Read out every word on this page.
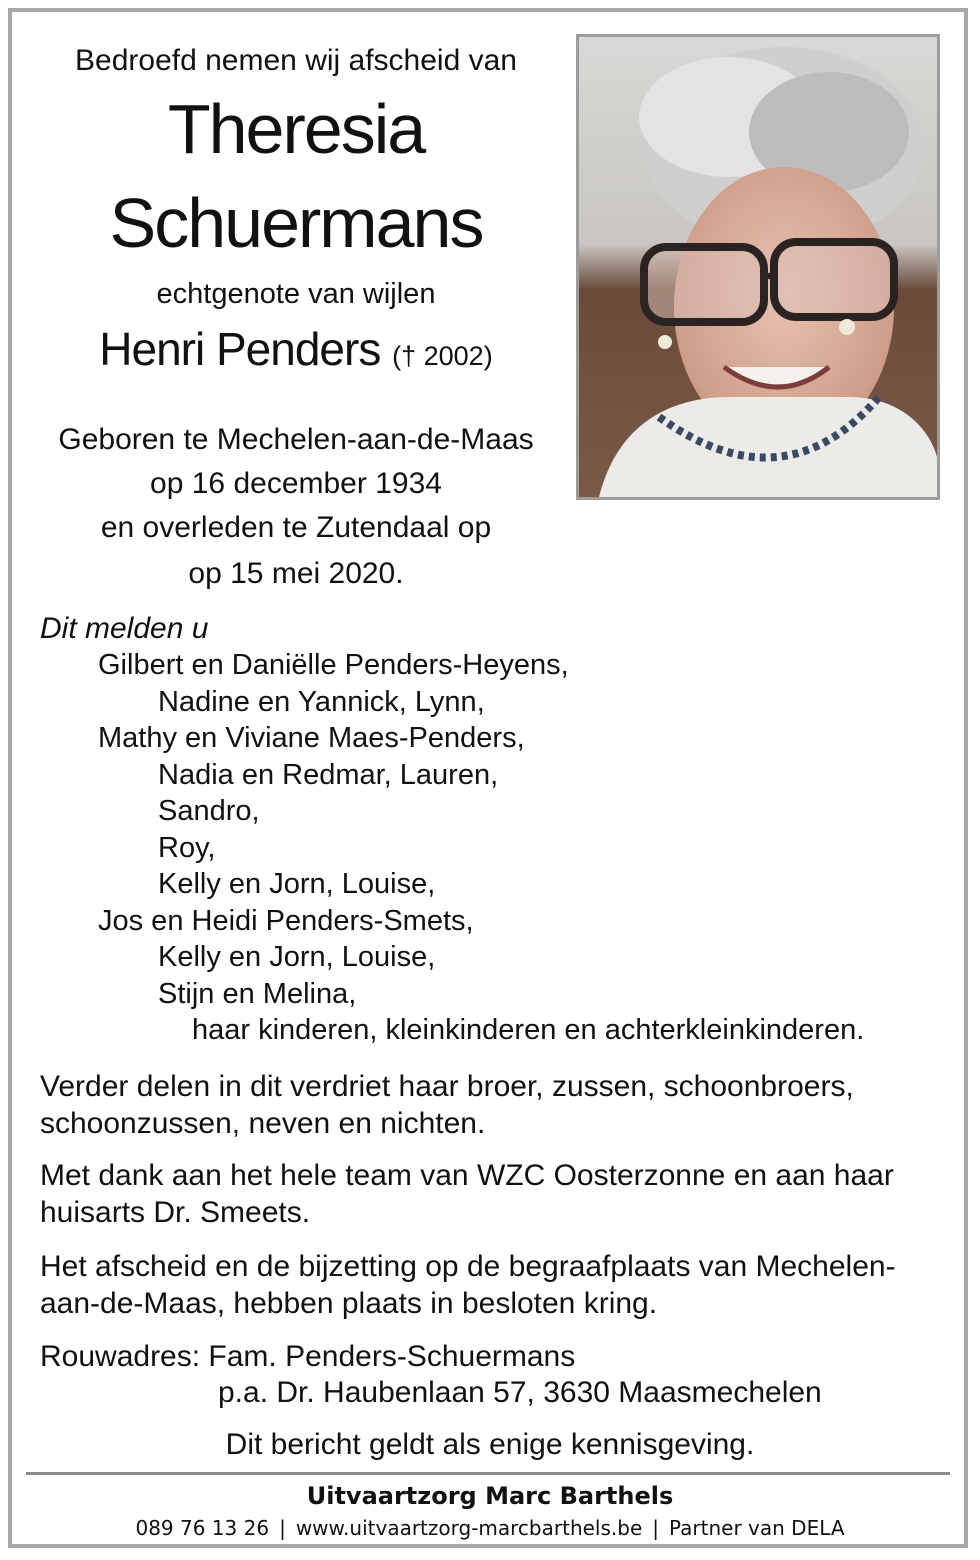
Bedroefd nemen wij afscheid van
Theresia
Schuermans
echtgenote van wijlen
Henri Penders († 2002)
Geboren te Mechelen-aan-de-Maas
op 16 december 1934
en overleden te Zutendaal op
op 15 mei 2020.
Dit melden u
Gilbert en Daniëlle Penders-Heyens,
Nadine en Yannick, Lynn,
Mathy en Viviane Maes-Penders,
Nadia en Redmar, Lauren,
Sandro,
Roy,
Kelly en Jorn, Louise,
Jos en Heidi Penders-Smets,
Kelly en Jorn, Louise,
Stijn en Melina,
haar kinderen, kleinkinderen en achterkleinkinderen.
Verder delen in dit verdriet haar broer, zussen, schoonbroers, schoonzussen, neven en nichten.
Met dank aan het hele team van WZC Oosterzonne en aan haar huisarts Dr. Smeets.
Het afscheid en de bijzetting op de begraafplaats van Mechelen-aan-de-Maas, hebben plaats in besloten kring.
Rouwadres: Fam. Penders-Schuermans
p.a. Dr. Haubenlaan 57, 3630 Maasmechelen
Dit bericht geldt als enige kennisgeving.
Uitvaartzorg Marc Barthels
089 76 13 26 | www.uitvaartzorg-marcbarthels.be | Partner van DELA
